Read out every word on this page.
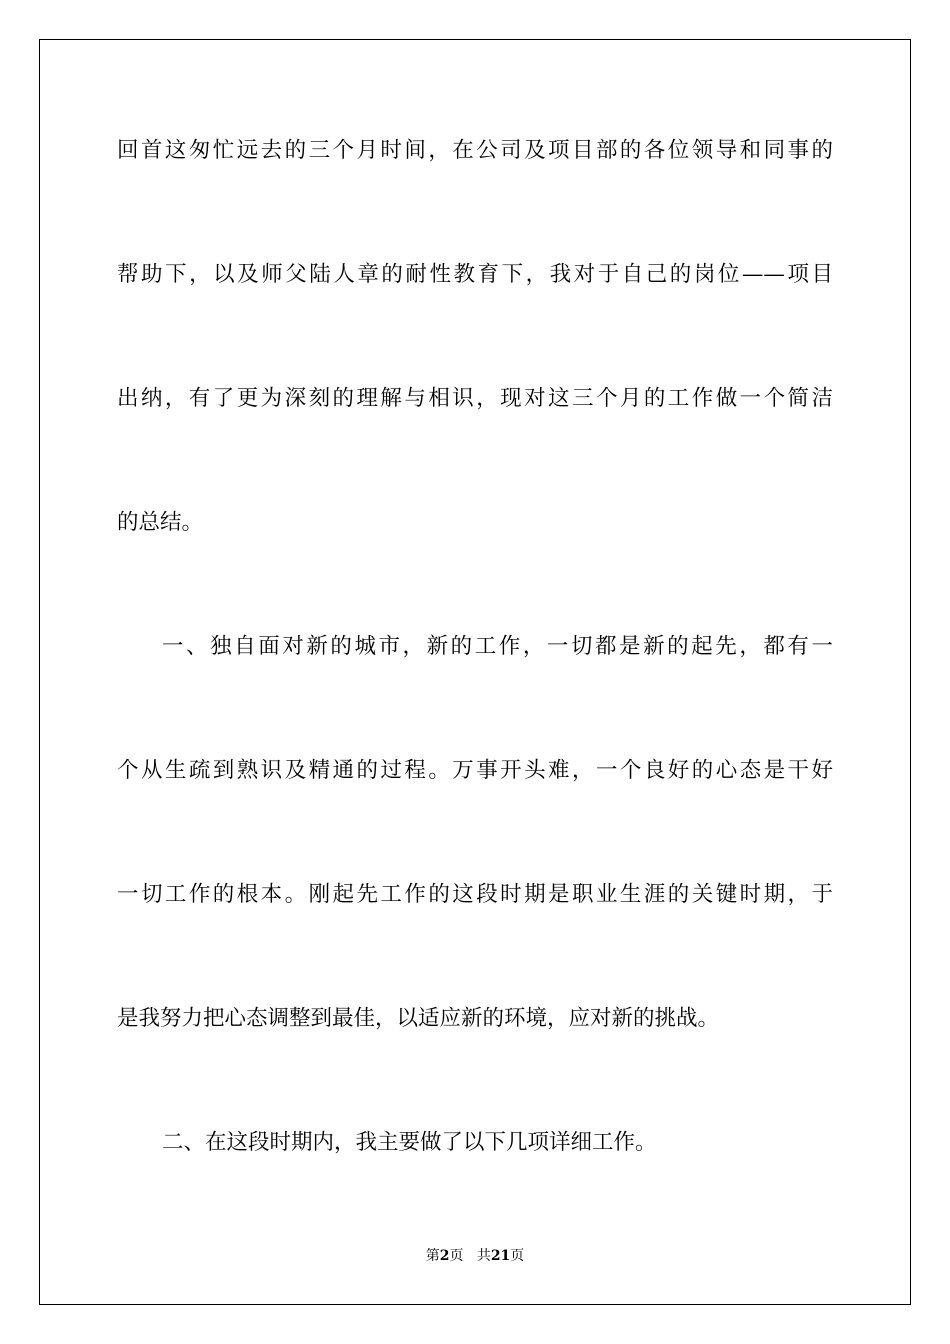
回首这匆忙远去的三个月时间，在公司及项目部的各位领导和同事的
帮助下，以及师父陆人章的耐性教育下，我对于自己的岗位——项目
出纳，有了更为深刻的理解与相识，现对这三个月的工作做一个简洁
的总结。
一、独自面对新的城市，新的工作，一切都是新的起先，都有一
个从生疏到熟识及精通的过程。万事开头难，一个良好的心态是干好
一切工作的根本。刚起先工作的这段时期是职业生涯的关键时期，于
是我努力把心态调整到最佳，以适应新的环境，应对新的挑战。
二、在这段时期内，我主要做了以下几项详细工作。
第2页 共21页
